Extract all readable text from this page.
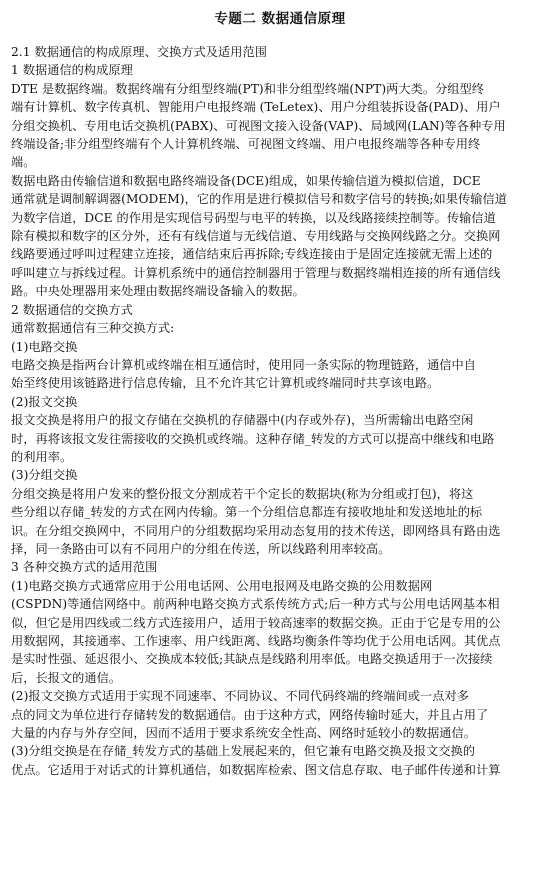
专题二 数据通信原理
2.1 数据通信的构成原理、交换方式及适用范围
1 数据通信的构成原理
DTE 是数据终端。数据终端有分组型终端(PT)和非分组型终端(NPT)两大类。分组型终
端有计算机、数字传真机、智能用户电报终端 (TeLetex)、用户分组装拆设备(PAD)、用户
分组交换机、专用电话交换机(PABX)、可视图文接入设备(VAP)、局域网(LAN)等各种专用
终端设备;非分组型终端有个人计算机终端、可视图文终端、用户电报终端等各种专用终
端。
数据电路由传输信道和数据电路终端设备(DCE)组成，如果传输信道为模拟信道，DCE
通常就是调制解调器(MODEM)，它的作用是进行模拟信号和数字信号的转换;如果传输信道
为数字信道，DCE 的作用是实现信号码型与电平的转换，以及线路接续控制等。传输信道
除有模拟和数字的区分外，还有有线信道与无线信道、专用线路与交换网线路之分。交换网
线路要通过呼叫过程建立连接，通信结束后再拆除;专线连接由于是固定连接就无需上述的
呼叫建立与拆线过程。计算机系统中的通信控制器用于管理与数据终端相连接的所有通信线
路。中央处理器用来处理由数据终端设备输入的数据。
2 数据通信的交换方式
通常数据通信有三种交换方式:
(1)电路交换
电路交换是指两台计算机或终端在相互通信时，使用同一条实际的物理链路，通信中自
始至终使用该链路进行信息传输，且不允许其它计算机或终端同时共享该电路。
(2)报文交换
报文交换是将用户的报文存储在交换机的存储器中(内存或外存)，当所需输出电路空闲
时，再将该报文发往需接收的交换机或终端。这种存储_转发的方式可以提高中继线和电路
的利用率。
(3)分组交换
分组交换是将用户发来的整份报文分割成若干个定长的数据块(称为分组或打包)，将这
些分组以存储_转发的方式在网内传输。第一个分组信息都连有接收地址和发送地址的标
识。在分组交换网中，不同用户的分组数据均采用动态复用的技术传送，即网络具有路由选
择，同一条路由可以有不同用户的分组在传送，所以线路利用率较高。
3 各种交换方式的适用范围
(1)电路交换方式通常应用于公用电话网、公用电报网及电路交换的公用数据网
(CSPDN)等通信网络中。前两种电路交换方式系传统方式;后一种方式与公用电话网基本相
似，但它是用四线或二线方式连接用户，适用于较高速率的数据交换。正由于它是专用的公
用数据网，其接通率、工作速率、用户线距离、线路均衡条件等均优于公用电话网。其优点
是实时性强、延迟很小、交换成本较低;其缺点是线路利用率低。电路交换适用于一次接续
后，长报文的通信。
(2)报文交换方式适用于实现不同速率、不同协议、不同代码终端的终端间或一点对多
点的同文为单位进行存储转发的数据通信。由于这种方式，网络传输时延大，并且占用了
大量的内存与外存空间，因而不适用于要求系统安全性高、网络时延较小的数据通信。
(3)分组交换是在存储_转发方式的基础上发展起来的，但它兼有电路交换及报文交换的
优点。它适用于对话式的计算机通信，如数据库检索、图文信息存取、电子邮件传递和计算
